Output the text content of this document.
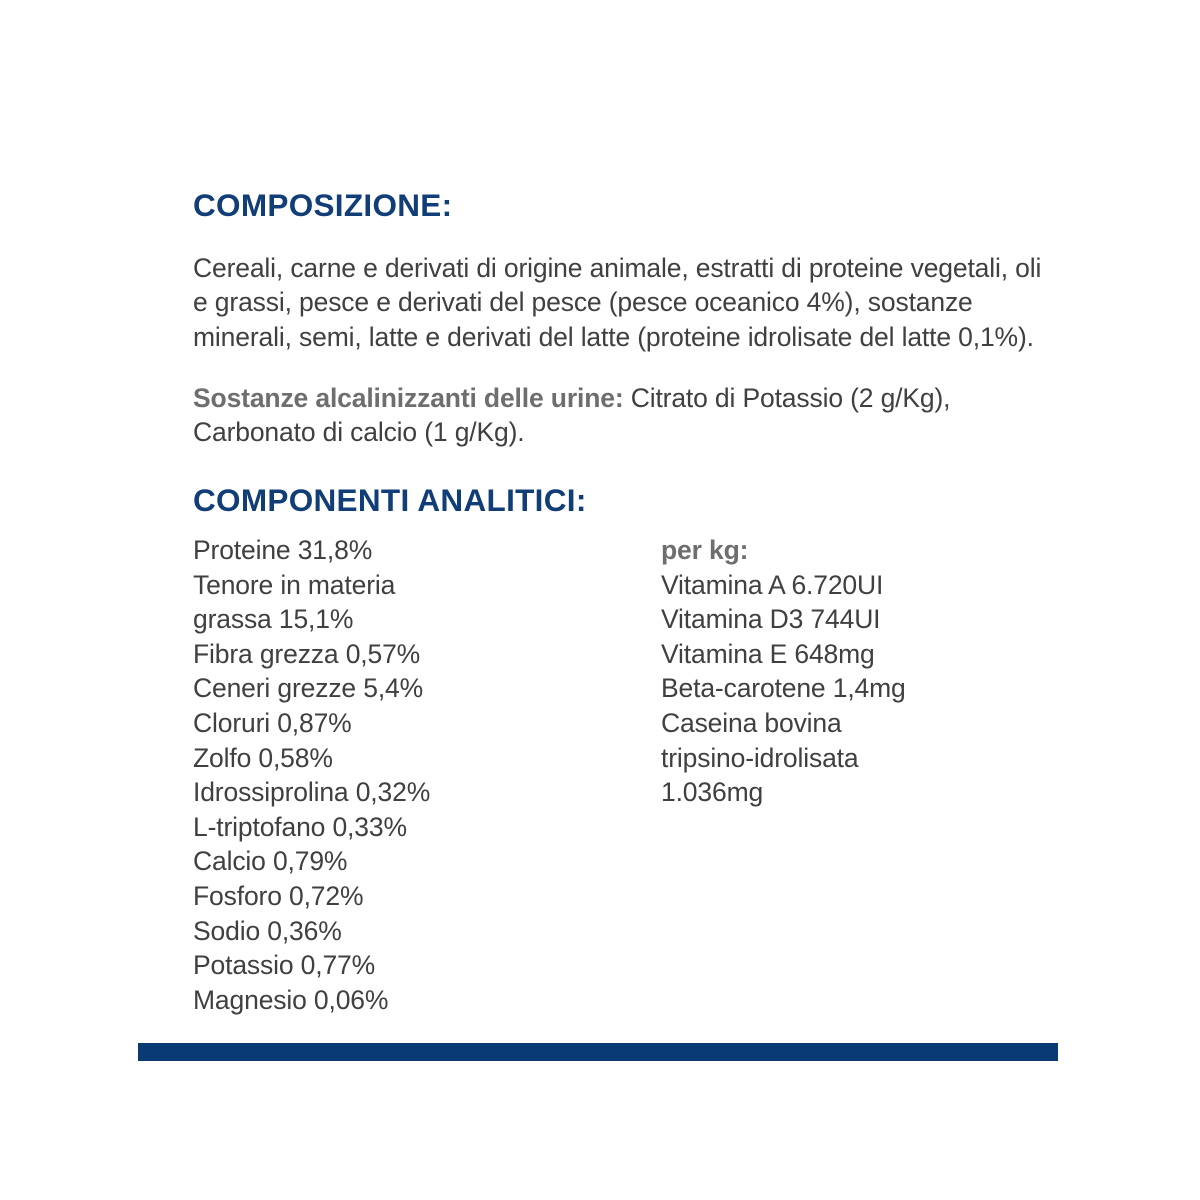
COMPOSIZIONE:

Cereali, carne e derivati di origine animale, estratti di proteine vegetali, oli e grassi, pesce e derivati del pesce (pesce oceanico 4%), sostanze minerali, semi, latte e derivati del latte (proteine idrolisate del latte 0,1%).

Sostanze alcalinizzanti delle urine: Citrato di Potassio (2 g/Kg), Carbonato di calcio (1 g/Kg).

COMPONENTI ANALITICI:
Proteine 31,8%
Tenore in materia
grassa 15,1%
Fibra grezza 0,57%
Ceneri grezze 5,4%
Cloruri 0,87%
Zolfo 0,58%
Idrossiprolina 0,32%
L-triptofano 0,33%
Calcio 0,79%
Fosforo 0,72%
Sodio 0,36%
Potassio 0,77%
Magnesio 0,06%
per kg:
Vitamina A 6.720UI
Vitamina D3 744UI
Vitamina E 648mg
Beta-carotene 1,4mg
Caseina bovina
tripsino-idrolisata
1.036mg
